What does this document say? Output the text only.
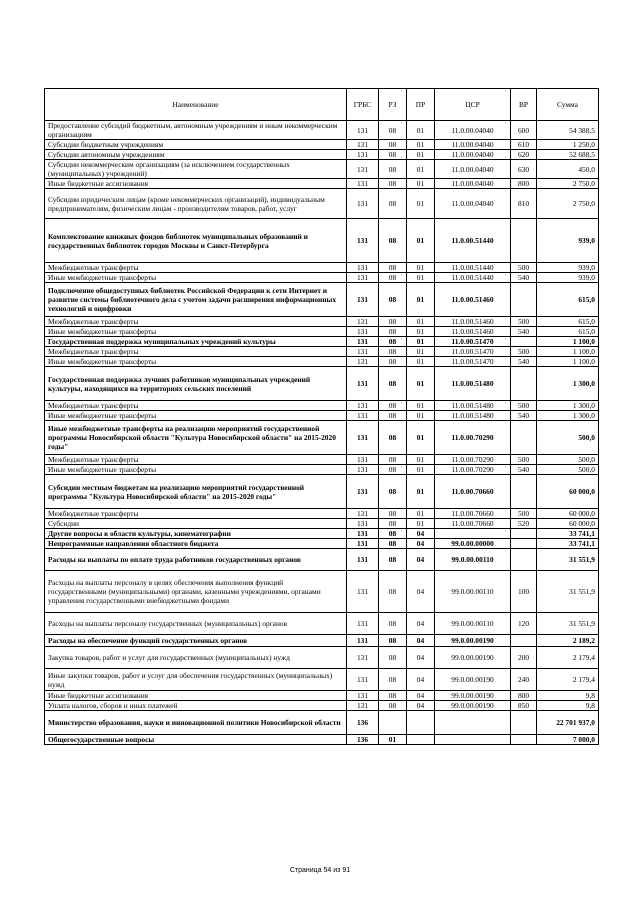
Наименование	ГРБС	РЗ	ПР	ЦСР	ВР	Сумма
Предоставление субсидий бюджетным, автономным учреждениям и иным некоммерческим организациям	131	08	01	11.0.00.04040	600	54 388,5
Субсидии бюджетным учреждениям	131	08	01	11.0.00.04040	610	1 250,0
Субсидии автономным учреждениям	131	08	01	11.0.00.04040	620	52 688,5
Субсидии некоммерческим организациям (за исключением государственных (муниципальных) учреждений)	131	08	01	11.0.00.04040	630	450,0
Иные бюджетные ассигнования	131	08	01	11.0.00.04040	800	2 750,0
Субсидии юридическим лицам (кроме некоммерческих организаций), индивидуальным предпринимателям, физическим лицам - производителям товаров, работ, услуг	131	08	01	11.0.00.04040	810	2 750,0
Комплектование книжных фондов библиотек муниципальных образований и государственных библиотек городов Москвы и Санкт-Петербурга	131	08	01	11.0.00.51440		939,0
Межбюджетные трансферты	131	08	01	11.0.00.51440	500	939,0
Иные межбюджетные трансферты	131	08	01	11.0.00.51440	540	939,0
Подключение общедоступных библиотек Российской Федерации к сети Интернет и развитие системы библиотечного дела с учетом задачи расширения информационных технологий и оцифровки	131	08	01	11.0.00.51460		615,0
Межбюджетные трансферты	131	08	01	11.0.00.51460	500	615,0
Иные межбюджетные трансферты	131	08	01	11.0.00.51460	540	615,0
Государственная поддержка муниципальных учреждений культуры	131	08	01	11.0.00.51470		1 100,0
Межбюджетные трансферты	131	08	01	11.0.00.51470	500	1 100,0
Иные межбюджетные трансферты	131	08	01	11.0.00.51470	540	1 100,0
Государственная поддержка лучших работников муниципальных учреждений культуры, находящихся на территориях сельских поселений	131	08	01	11.0.00.51480		1 300,0
Межбюджетные трансферты	131	08	01	11.0.00.51480	500	1 300,0
Иные межбюджетные трансферты	131	08	01	11.0.00.51480	540	1 300,0
Иные межбюджетные трансферты на реализацию мероприятий государственной программы Новосибирской области "Культура Новосибирской области" на 2015-2020 годы"	131	08	01	11.0.00.70290		500,0
Межбюджетные трансферты	131	08	01	11.0.00.70290	500	500,0
Иные межбюджетные трансферты	131	08	01	11.0.00.70290	540	500,0
Субсидии местным бюджетам на реализацию мероприятий государственной программы "Культура Новосибирской области" на 2015-2020 годы"	131	08	01	11.0.00.70660		60 000,0
Межбюджетные трансферты	131	08	01	11.0.00.70660	500	60 000,0
Субсидии	131	08	01	11.0.00.70660	520	60 000,0
Другие вопросы в области культуры, кинематографии	131	08	04			33 741,1
Непрограммные направления областного бюджета	131	08	04	99.0.00.00000		33 741,1
Расходы на выплаты по оплате труда работников государственных органов	131	08	04	99.0.00.00110		31 551,9
Расходы на выплаты персоналу в целях обеспечения выполнения функций государственными (муниципальными) органами, казенными учреждениями, органами управления государственными внебюджетными фондами	131	08	04	99.0.00.00110	100	31 551,9
Расходы на выплаты персоналу государственных (муниципальных) органов	131	08	04	99.0.00.00110	120	31 551,9
Расходы на обеспечение функций государственных органов	131	08	04	99.0.00.00190		2 189,2
Закупка товаров, работ и услуг для государственных (муниципальных) нужд	131	08	04	99.0.00.00190	200	2 179,4
Иные закупки товаров, работ и услуг для обеспечения государственных (муниципальных) нужд	131	08	04	99.0.00.00190	240	2 179,4
Иные бюджетные ассигнования	131	08	04	99.0.00.00190	800	9,8
Уплата налогов, сборов и иных платежей	131	08	04	99.0.00.00190	850	9,8
Министерство образования, науки и инновационной политики Новосибирской области	136					22 701 937,0
Общегосударственные вопросы	136	01				7 000,0
Страница 54 из 91
